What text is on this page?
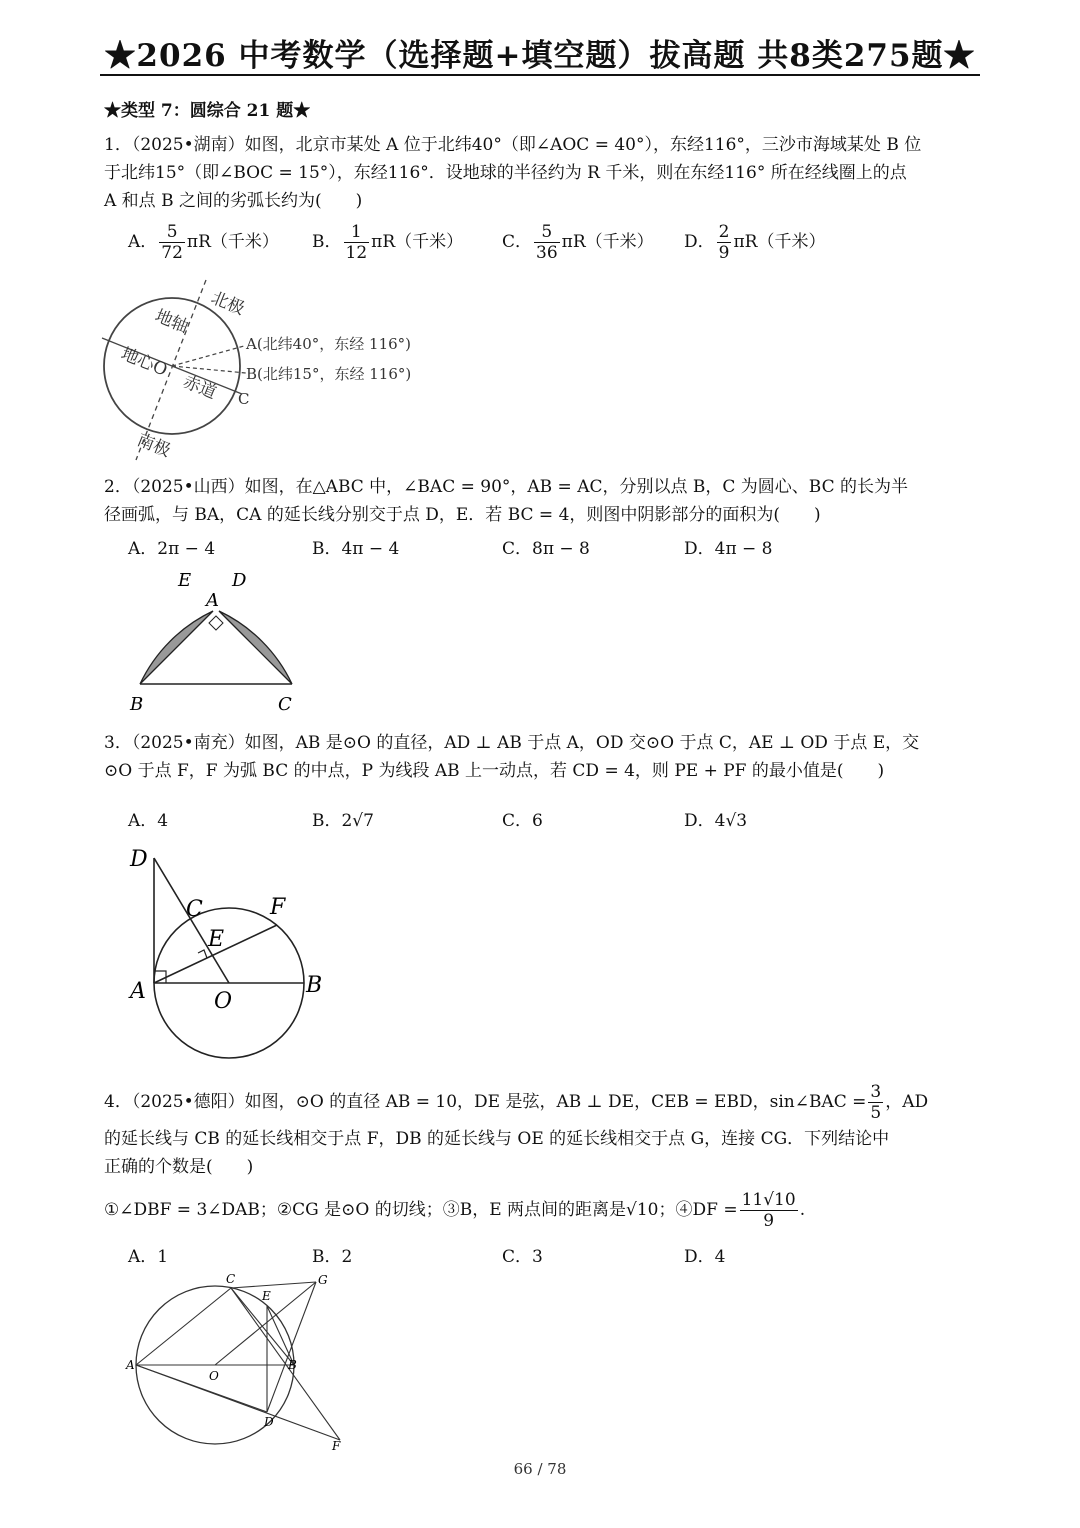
★2026 中考数学（选择题+填空题）拔高题 共8类275题★
★类型 7：圆综合 21 题★
1．（2025•湖南）如图，北京市某处 A 位于北纬40°（即∠AOC = 40°），东经116°，三沙市海域某处 B 位
于北纬15°（即∠BOC = 15°），东经116°．设地球的半径约为 R 千米，则在东经116° 所在经线圈上的点
A 和点 B 之间的劣弧长约为(　　)
A． $\frac{5}{72} \pi R$（千米） B． $\frac{1}{12} \pi R$（千米） C． $\frac{5}{36} \pi R$（千米） D． $\frac{2}{9} \pi R$（千米）
北极
地轴
地心O
赤道
南极
A(北纬40°，东经 116°)
B(北纬15°，东经 116°)
C
2．（2025•山西）如图，在△ABC 中，∠BAC = 90°，AB = AC，分别以点 B，C 为圆心、BC 的长为半
径画弧，与 BA，CA 的延长线分别交于点 D，E．若 BC = 4，则图中阴影部分的面积为(　　)
A．2π − 4	B．4π − 4	C．8π − 8	D．4π − 8
E D
A
B	C
3．（2025•南充）如图，AB 是⊙O 的直径，AD ⊥ AB 于点 A，OD 交⊙O 于点 C，AE ⊥ OD 于点 E，交
⊙O 于点 F，F 为弧 BC 的中点，P 为线段 AB 上一动点，若 CD = 4，则 PE + PF 的最小值是(　　)
A．4	B．2√7	C．6	D．4√3
D
C	F
E
A	O
B
4．（2025•德阳）如图，⊙O 的直径 AB = 10，DE 是弦，AB ⊥ DE，CEB = EBD，sin∠BAC = $\frac{3}{5}$ ，AD
的延长线与 CB 的延长线相交于点 F，DB 的延长线与 OE 的延长线相交于点 G，连接 CG．下列结论中
正确的个数是(　　)
①∠DBF = 3∠DAB；②CG 是⊙O 的切线；③B，E 两点间的距离是√10；④DF = $\frac{11√10}{9}$ .
A．1	B．2	C．3	D．4
C	G
E
A
O
B
D
F
66 / 78
